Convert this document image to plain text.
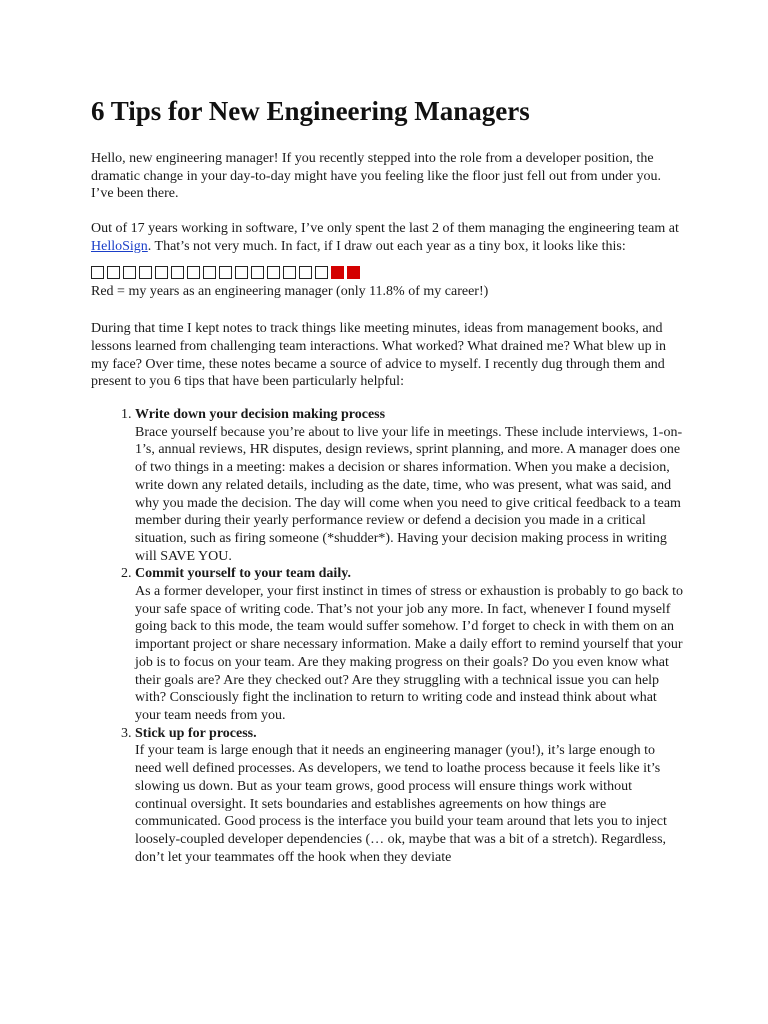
6 Tips for New Engineering Managers

Hello, new engineering manager! If you recently stepped into the role from a developer position, the dramatic change in your day-to-day might have you feeling like the floor just fell out from under you. I’ve been there.

Out of 17 years working in software, I’ve only spent the last 2 of them managing the engineering team at HelloSign. That’s not very much. In fact, if I draw out each year as a tiny box, it looks like this:

Red = my years as an engineering manager (only 11.8% of my career!)

During that time I kept notes to track things like meeting minutes, ideas from management books, and lessons learned from challenging team interactions. What worked? What drained me? What blew up in my face? Over time, these notes became a source of advice to myself. I recently dug through them and present to you 6 tips that have been particularly helpful:

1. Write down your decision making process
Brace yourself because you’re about to live your life in meetings. These include interviews, 1-on-1’s, annual reviews, HR disputes, design reviews, sprint planning, and more. A manager does one of two things in a meeting: makes a decision or shares information. When you make a decision, write down any related details, including as the date, time, who was present, what was said, and why you made the decision. The day will come when you need to give critical feedback to a team member during their yearly performance review or defend a decision you made in a critical situation, such as firing someone (*shudder*). Having your decision making process in writing will SAVE YOU.
2. Commit yourself to your team daily.
As a former developer, your first instinct in times of stress or exhaustion is probably to go back to your safe space of writing code. That’s not your job any more. In fact, whenever I found myself going back to this mode, the team would suffer somehow. I’d forget to check in with them on an important project or share necessary information. Make a daily effort to remind yourself that your job is to focus on your team. Are they making progress on their goals? Do you even know what their goals are? Are they checked out? Are they struggling with a technical issue you can help with? Consciously fight the inclination to return to writing code and instead think about what your team needs from you.
3. Stick up for process.
If your team is large enough that it needs an engineering manager (you!), it’s large enough to need well defined processes. As developers, we tend to loathe process because it feels like it’s slowing us down. But as your team grows, good process will ensure things work without continual oversight. It sets boundaries and establishes agreements on how things are communicated. Good process is the interface you build your team around that lets you to inject loosely-coupled developer dependencies (… ok, maybe that was a bit of a stretch). Regardless, don’t let your teammates off the hook when they deviate
